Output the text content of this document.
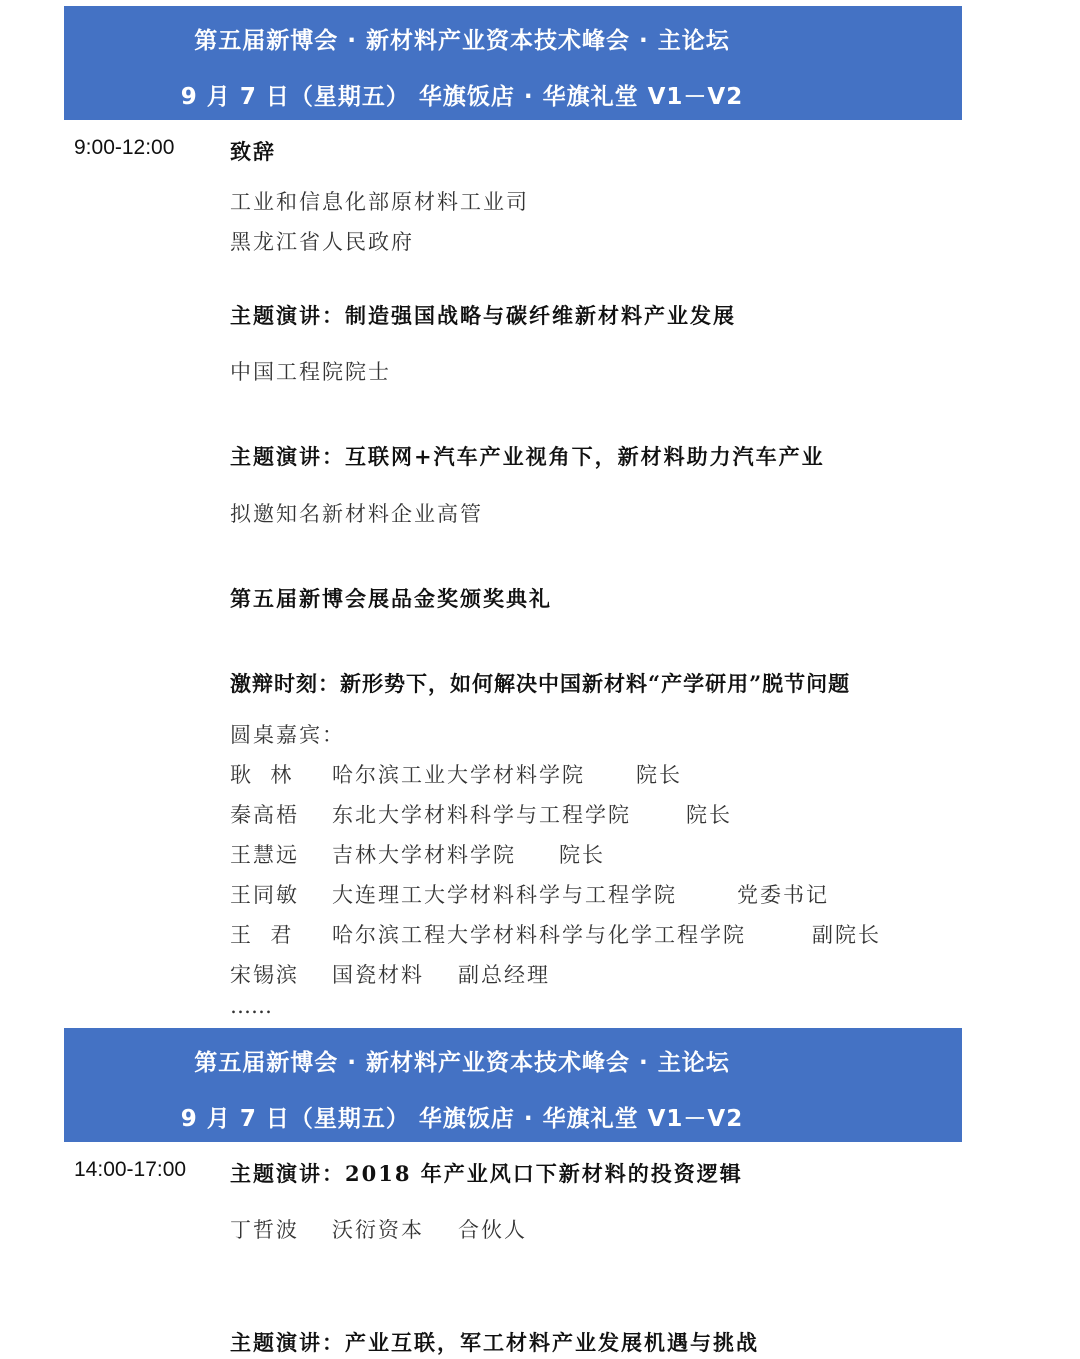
第五届新博会 · 新材料产业资本技术峰会 · 主论坛
9 月 7 日（星期五） 华旗饭店 · 华旗礼堂 V1－V2
9:00-12:00	致辞
工业和信息化部原材料工业司
黑龙江省人民政府
主题演讲：制造强国战略与碳纤维新材料产业发展
中国工程院院士
主题演讲：互联网+汽车产业视角下，新材料助力汽车产业
拟邀知名新材料企业高管
第五届新博会展品金奖颁奖典礼
激辩时刻：新形势下，如何解决中国新材料“产学研用”脱节问题
圆桌嘉宾：
耿  林 哈尔滨工业大学材料学院 院长
秦高梧 东北大学材料科学与工程学院	院长
王慧远 吉林大学材料学院 院长
王同敏 大连理工大学材料科学与工程学院	党委书记
王  君 哈尔滨工程大学材料科学与化学工程学院	副院长
宋锡滨 国瓷材料 副总经理
……
第五届新博会 · 新材料产业资本技术峰会 · 主论坛
9 月 7 日（星期五） 华旗饭店 · 华旗礼堂 V1－V2
14:00-17:00 主题演讲：2018 年产业风口下新材料的投资逻辑
丁哲波 沃衍资本 合伙人
主题演讲：产业互联，军工材料产业发展机遇与挑战
